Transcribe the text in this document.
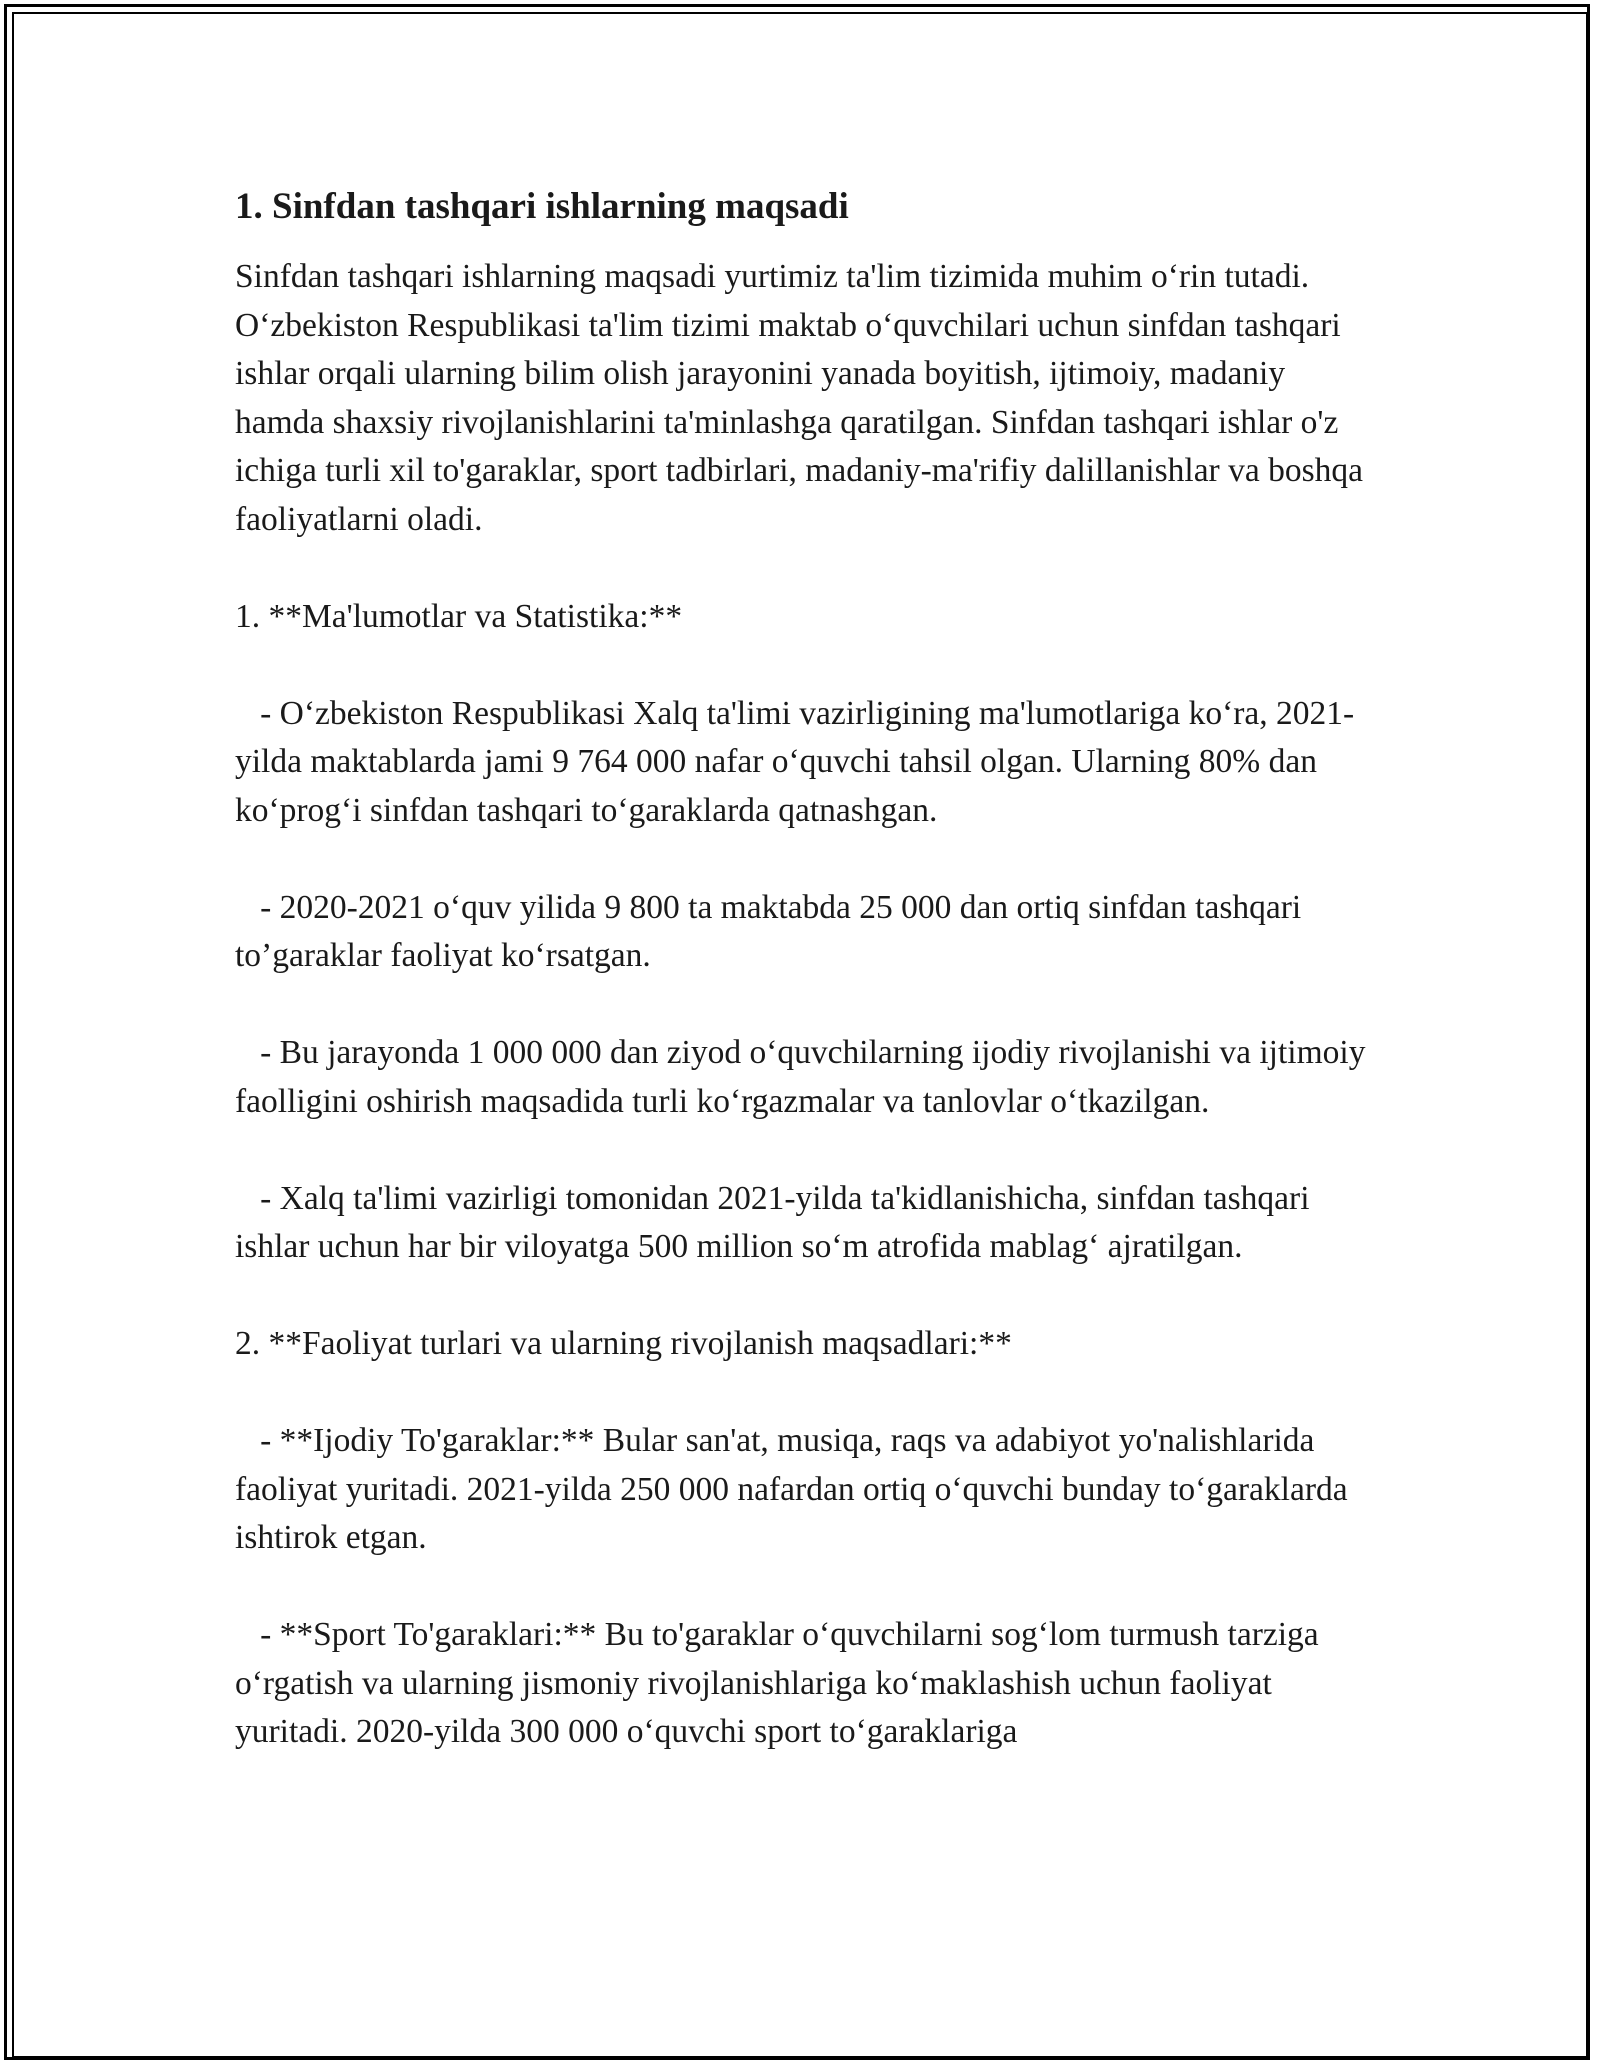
1. Sinfdan tashqari ishlarning maqsadi

Sinfdan tashqari ishlarning maqsadi yurtimiz ta'lim tizimida muhim o‘rin tutadi. O‘zbekiston Respublikasi ta'lim tizimi maktab o‘quvchilari uchun sinfdan tashqari ishlar orqali ularning bilim olish jarayonini yanada boyitish, ijtimoiy, madaniy hamda shaxsiy rivojlanishlarini ta'minlashga qaratilgan. Sinfdan tashqari ishlar o'z ichiga turli xil to'garaklar, sport tadbirlari, madaniy-ma'rifiy dalillanishlar va boshqa faoliyatlarni oladi.

1. **Ma'lumotlar va Statistika:**

- O‘zbekiston Respublikasi Xalq ta'limi vazirligining ma'lumotlariga ko‘ra, 2021-yilda maktablarda jami 9 764 000 nafar o‘quvchi tahsil olgan. Ularning 80% dan ko‘prog‘i sinfdan tashqari to‘garaklarda qatnashgan.

- 2020-2021 o‘quv yilida 9 800 ta maktabda 25 000 dan ortiq sinfdan tashqari to’garaklar faoliyat ko‘rsatgan.

- Bu jarayonda 1 000 000 dan ziyod o‘quvchilarning ijodiy rivojlanishi va ijtimoiy faolligini oshirish maqsadida turli ko‘rgazmalar va tanlovlar o‘tkazilgan.

- Xalq ta'limi vazirligi tomonidan 2021-yilda ta'kidlanishicha, sinfdan tashqari ishlar uchun har bir viloyatga 500 million so‘m atrofida mablag‘ ajratilgan.

2. **Faoliyat turlari va ularning rivojlanish maqsadlari:**

- **Ijodiy To'garaklar:** Bular san'at, musiqa, raqs va adabiyot yo'nalishlarida faoliyat yuritadi. 2021-yilda 250 000 nafardan ortiq o‘quvchi bunday to‘garaklarda ishtirok etgan.

- **Sport To'garaklari:** Bu to'garaklar o‘quvchilarni sog‘lom turmush tarziga o‘rgatish va ularning jismoniy rivojlanishlariga ko‘maklashish uchun faoliyat yuritadi. 2020-yilda 300 000 o‘quvchi sport to‘garaklariga
